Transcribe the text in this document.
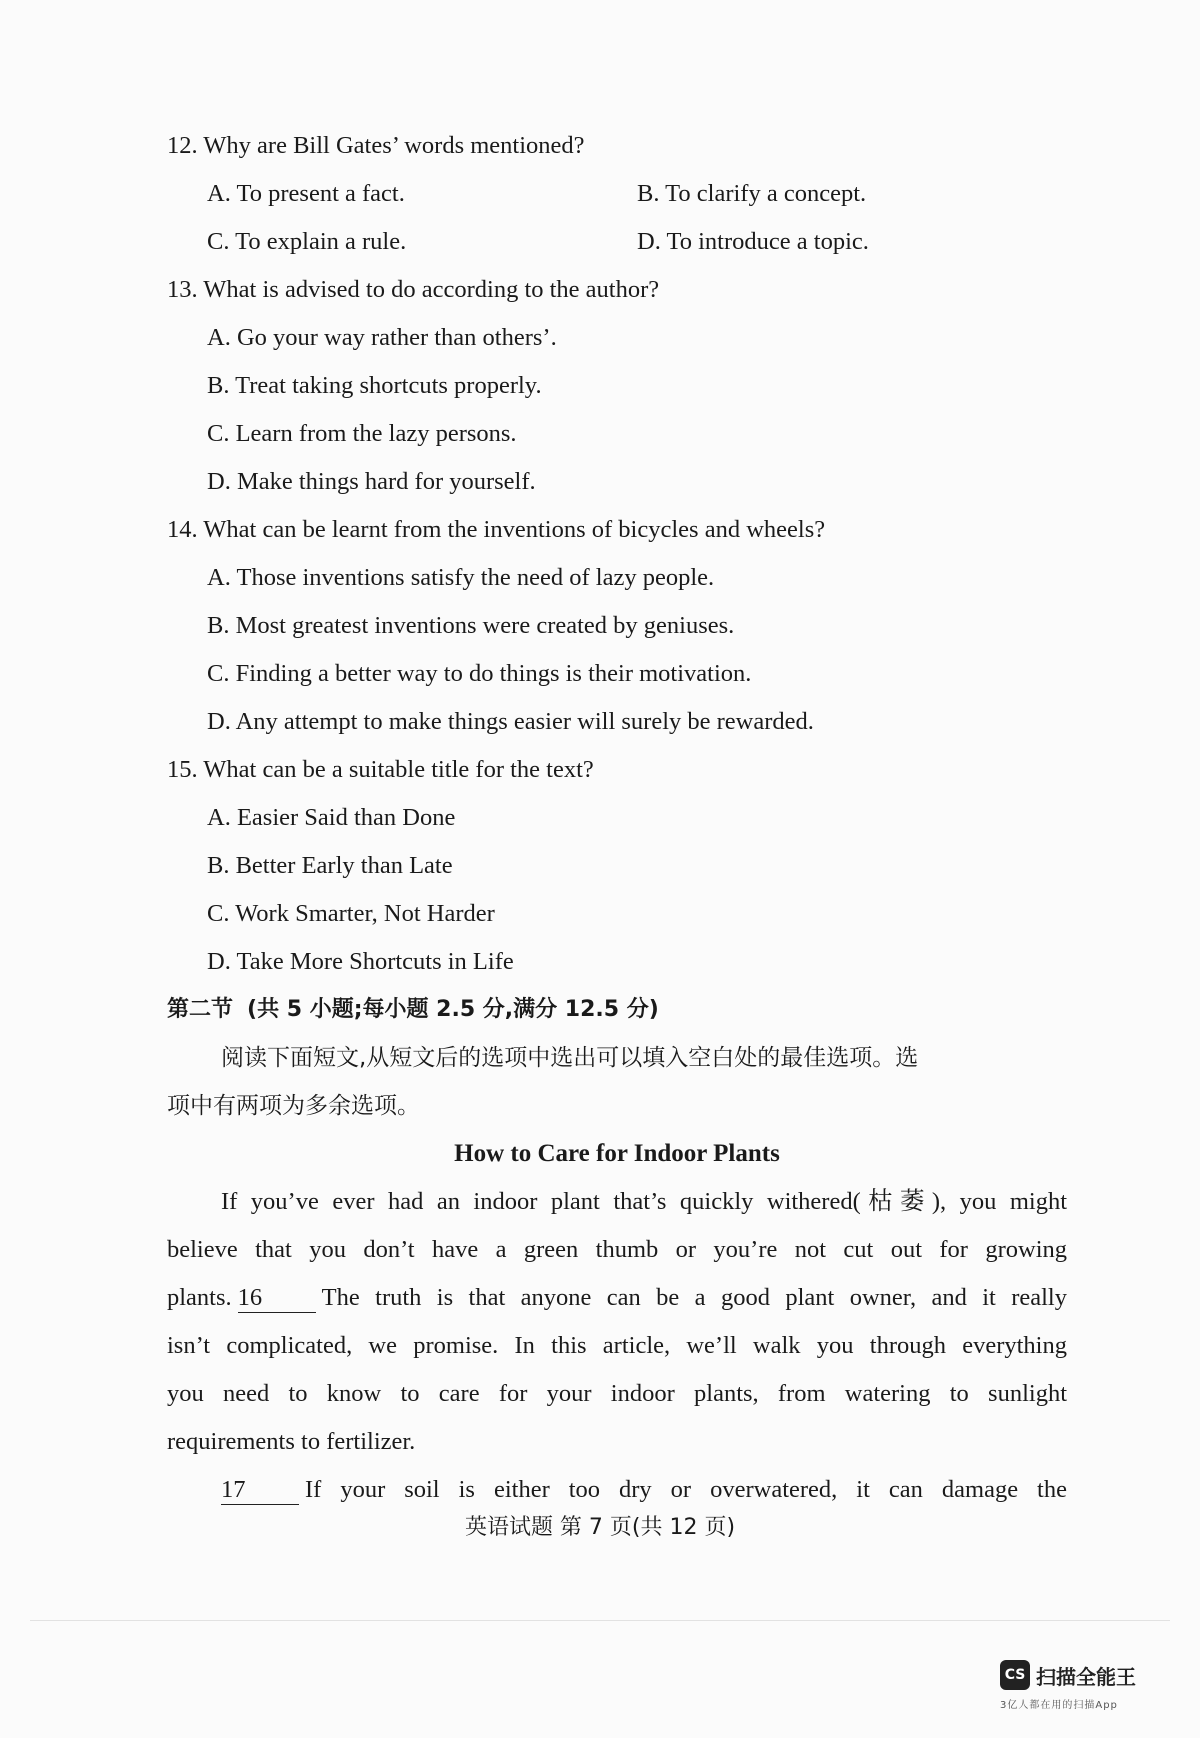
12. Why are Bill Gates’ words mentioned?
A. To present a fact.	B. To clarify a concept.
C. To explain a rule.	D. To introduce a topic.
13. What is advised to do according to the author?
A. Go your way rather than others’.
B. Treat taking shortcuts properly.
C. Learn from the lazy persons.
D. Make things hard for yourself.
14. What can be learnt from the inventions of bicycles and wheels?
A. Those inventions satisfy the need of lazy people.
B. Most greatest inventions were created by geniuses.
C. Finding a better way to do things is their motivation.
D. Any attempt to make things easier will surely be rewarded.
15. What can be a suitable title for the text?
A. Easier Said than Done
B. Better Early than Late
C. Work Smarter, Not Harder
D. Take More Shortcuts in Life
第二节 (共 5 小题;每小题 2.5 分,满分 12.5 分)
阅读下面短文,从短文后的选项中选出可以填入空白处的最佳选项。选
项中有两项为多余选项。
How to Care for Indoor Plants
If you’ve ever had an indoor plant that’s quickly withered(枯萎), you might
believe that you don’t have a green thumb or you’re not cut out for growing
plants. 16 The truth is that anyone can be a good plant owner, and it really
isn’t complicated, we promise. In this article, we’ll walk you through everything
you need to know to care for your indoor plants, from watering to sunlight
requirements to fertilizer.
17 If your soil is either too dry or overwatered, it can damage the
英语试题 第 7 页(共 12 页)
CS 扫描全能王
3亿人都在用的扫描App
